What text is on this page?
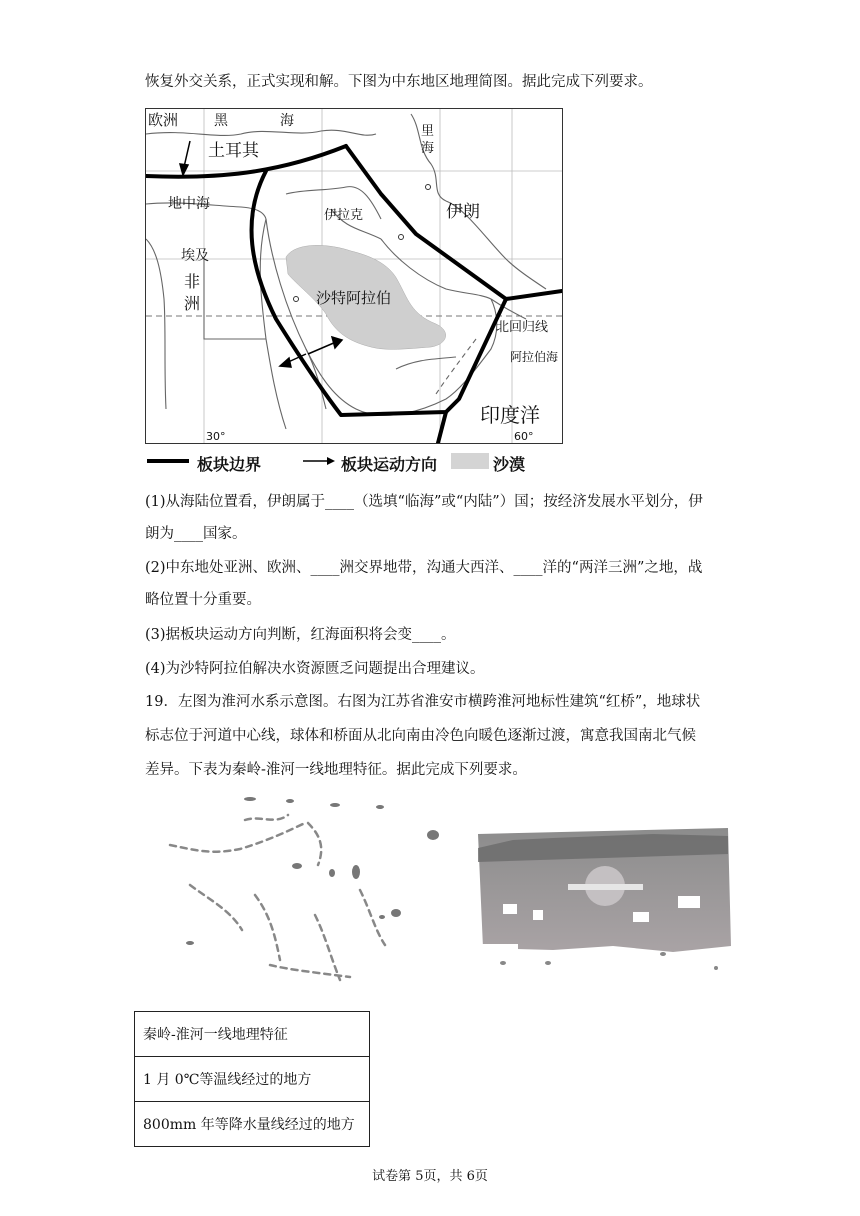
恢复外交关系，正式实现和解。下图为中东地区地理简图。据此完成下列要求。
欧洲	黑	海
里
海
土耳其
地中海
伊拉克	伊朗
埃及
非
洲	沙特阿拉伯
北回归线
阿拉伯海
印度洋
30°	60°
板块边界	板块运动方向	沙漠
(1)从海陆位置看，伊朗属于____（选填“临海”或“内陆”）国；按经济发展水平划分，伊
朗为____国家。
(2)中东地处亚洲、欧洲、____洲交界地带，沟通大西洋、____洋的“两洋三洲”之地，战
略位置十分重要。
(3)据板块运动方向判断，红海面积将会变____。
(4)为沙特阿拉伯解决水资源匮乏问题提出合理建议。
19．左图为淮河水系示意图。右图为江苏省淮安市横跨淮河地标性建筑“红桥”，地球状
标志位于河道中心线，球体和桥面从北向南由冷色向暖色逐渐过渡，寓意我国南北气候
差异。下表为秦岭-淮河一线地理特征。据此完成下列要求。
秦岭-淮河一线地理特征
1 月 0℃等温线经过的地方
800mm 年等降水量线经过的地方
试卷第 5页，共 6页
